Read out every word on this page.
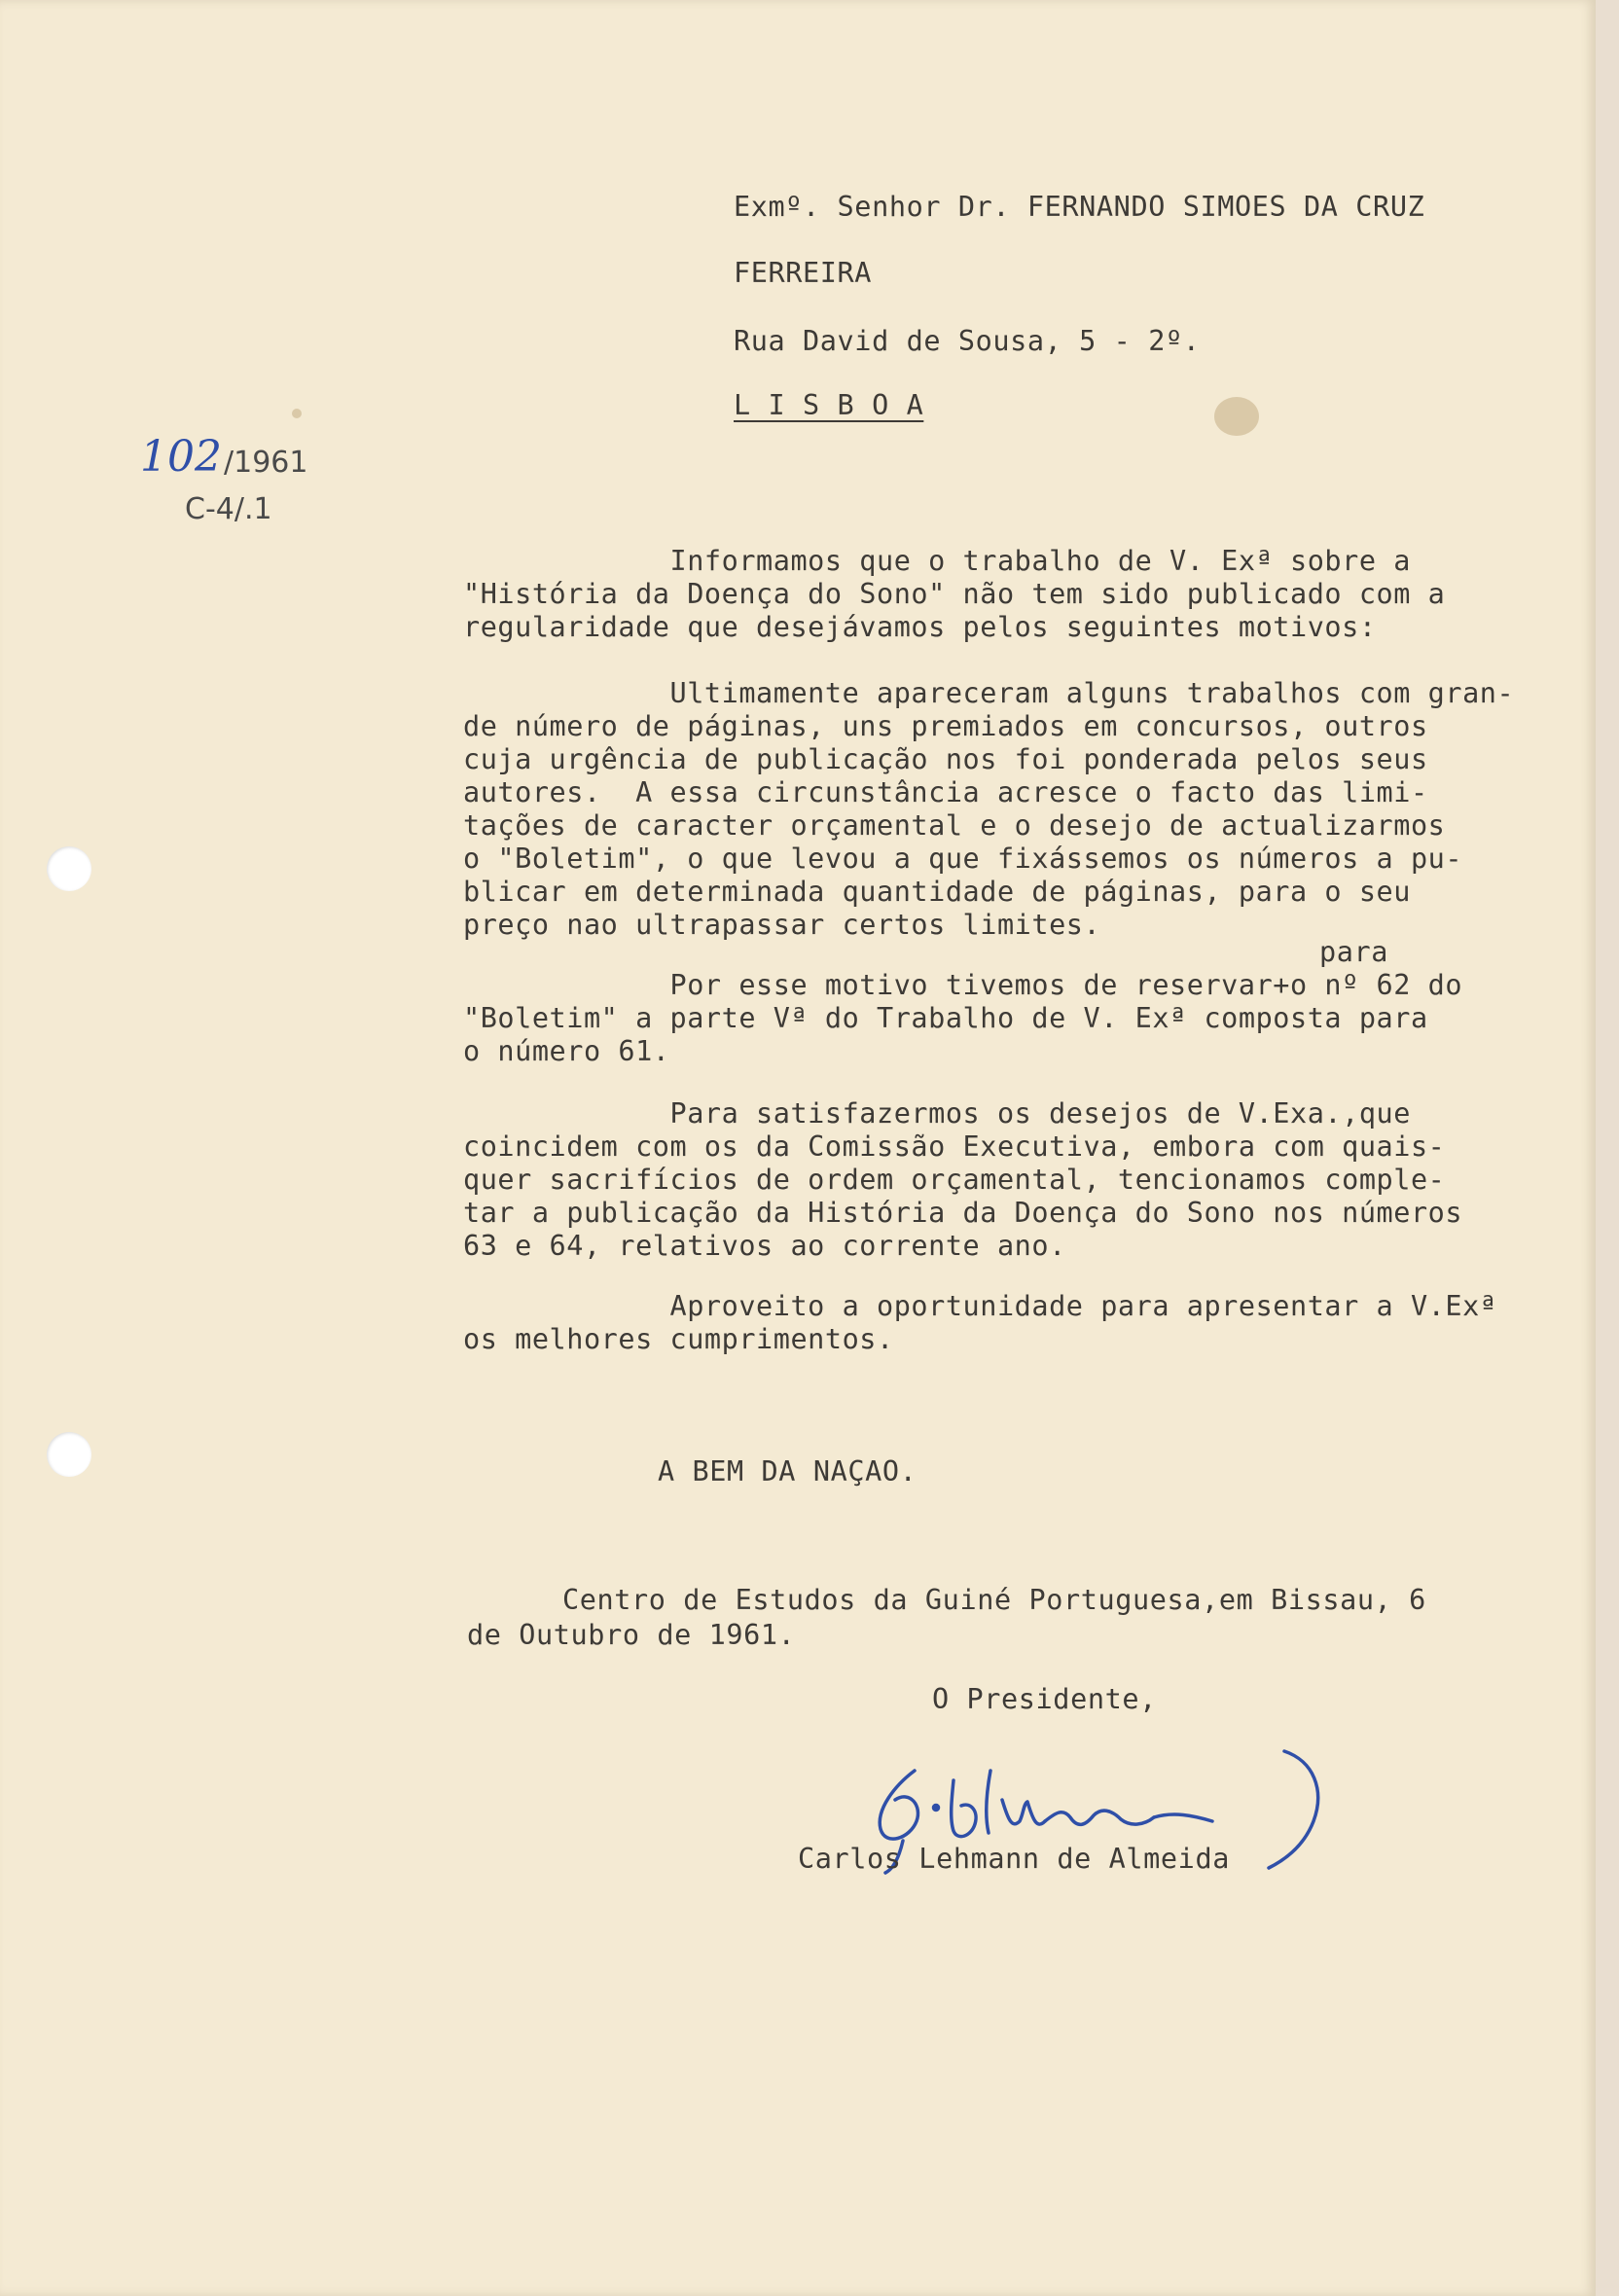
Exmº. Senhor Dr. FERNANDO SIMOES DA CRUZ
FERREIRA
Rua David de Sousa, 5 - 2º.
L I S B O A
102 /1961
C-4/.1
Informamos que o trabalho de V. Exª sobre a
"História da Doença do Sono" não tem sido publicado com a
regularidade que desejávamos pelos seguintes motivos:
Ultimamente apareceram alguns trabalhos com gran-
de número de páginas, uns premiados em concursos, outros
cuja urgência de publicação nos foi ponderada pelos seus
autores.  A essa circunstância acresce o facto das limi-
tações de caracter orçamental e o desejo de actualizarmos
o "Boletim", o que levou a que fixássemos os números a pu-
blicar em determinada quantidade de páginas, para o seu
preço nao ultrapassar certos limites.
para
Por esse motivo tivemos de reservar+o nº 62 do
"Boletim" a parte Vª do Trabalho de V. Exª composta para
o número 61.
Para satisfazermos os desejos de V.Exa.,que
coincidem com os da Comissão Executiva, embora com quais-
quer sacrifícios de ordem orçamental, tencionamos comple-
tar a publicação da História da Doença do Sono nos números
63 e 64, relativos ao corrente ano.
Aproveito a oportunidade para apresentar a V.Exª
os melhores cumprimentos.
A BEM DA NAÇAO.
Centro de Estudos da Guiné Portuguesa,em Bissau, 6
de Outubro de 1961.
O Presidente,
Carlos Lehmann de Almeida
